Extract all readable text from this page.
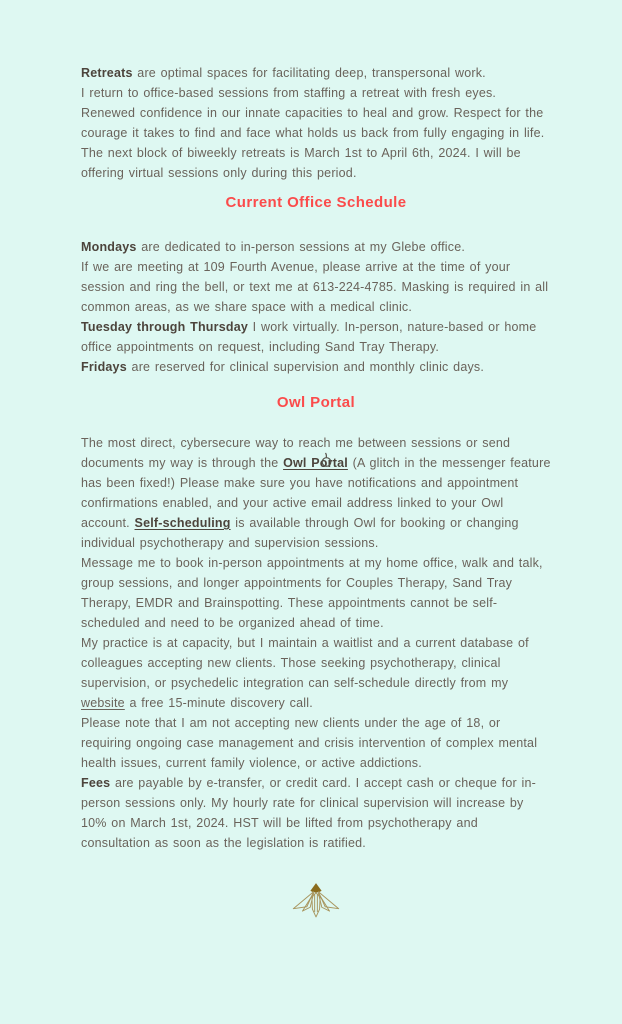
Retreats are optimal spaces for facilitating deep, transpersonal work.
I return to office-based sessions from staffing a retreat with fresh eyes. Renewed confidence in our innate capacities to heal and grow. Respect for the courage it takes to find and face what holds us back from fully engaging in life. The next block of biweekly retreats is March 1st to April 6th, 2024. I will be offering virtual sessions only during this period.

Current Office Schedule

Mondays are dedicated to in-person sessions at my Glebe office.
If we are meeting at 109 Fourth Avenue, please arrive at the time of your session and ring the bell, or text me at 613-224-4785. Masking is required in all common areas, as we share space with a medical clinic.

Tuesday through Thursday I work virtually. In-person, nature-based or home office appointments on request, including Sand Tray Therapy.

Fridays are reserved for clinical supervision and monthly clinic days.

Owl Portal

The most direct, cybersecure way to reach me between sessions or send documents my way is through the Owl Portal (A glitch in the messenger feature has been fixed!) Please make sure you have notifications and appointment confirmations enabled, and your active email address linked to your Owl account. Self-scheduling is available through Owl for booking or changing individual psychotherapy and supervision sessions.

Message me to book in-person appointments at my home office, walk and talk, group sessions, and longer appointments for Couples Therapy, Sand Tray Therapy, EMDR and Brainspotting. These appointments cannot be self-scheduled and need to be organized ahead of time.

My practice is at capacity, but I maintain a waitlist and a current database of colleagues accepting new clients. Those seeking psychotherapy, clinical supervision, or psychedelic integration can self-schedule directly from my website a free 15-minute discovery call.
Please note that I am not accepting new clients under the age of 18, or requiring ongoing case management and crisis intervention of complex mental health issues, current family violence, or active addictions.

Fees are payable by e-transfer, or credit card. I accept cash or cheque for in-person sessions only. My hourly rate for clinical supervision will increase by 10% on March 1st, 2024. HST will be lifted from psychotherapy and consultation as soon as the legislation is ratified.
